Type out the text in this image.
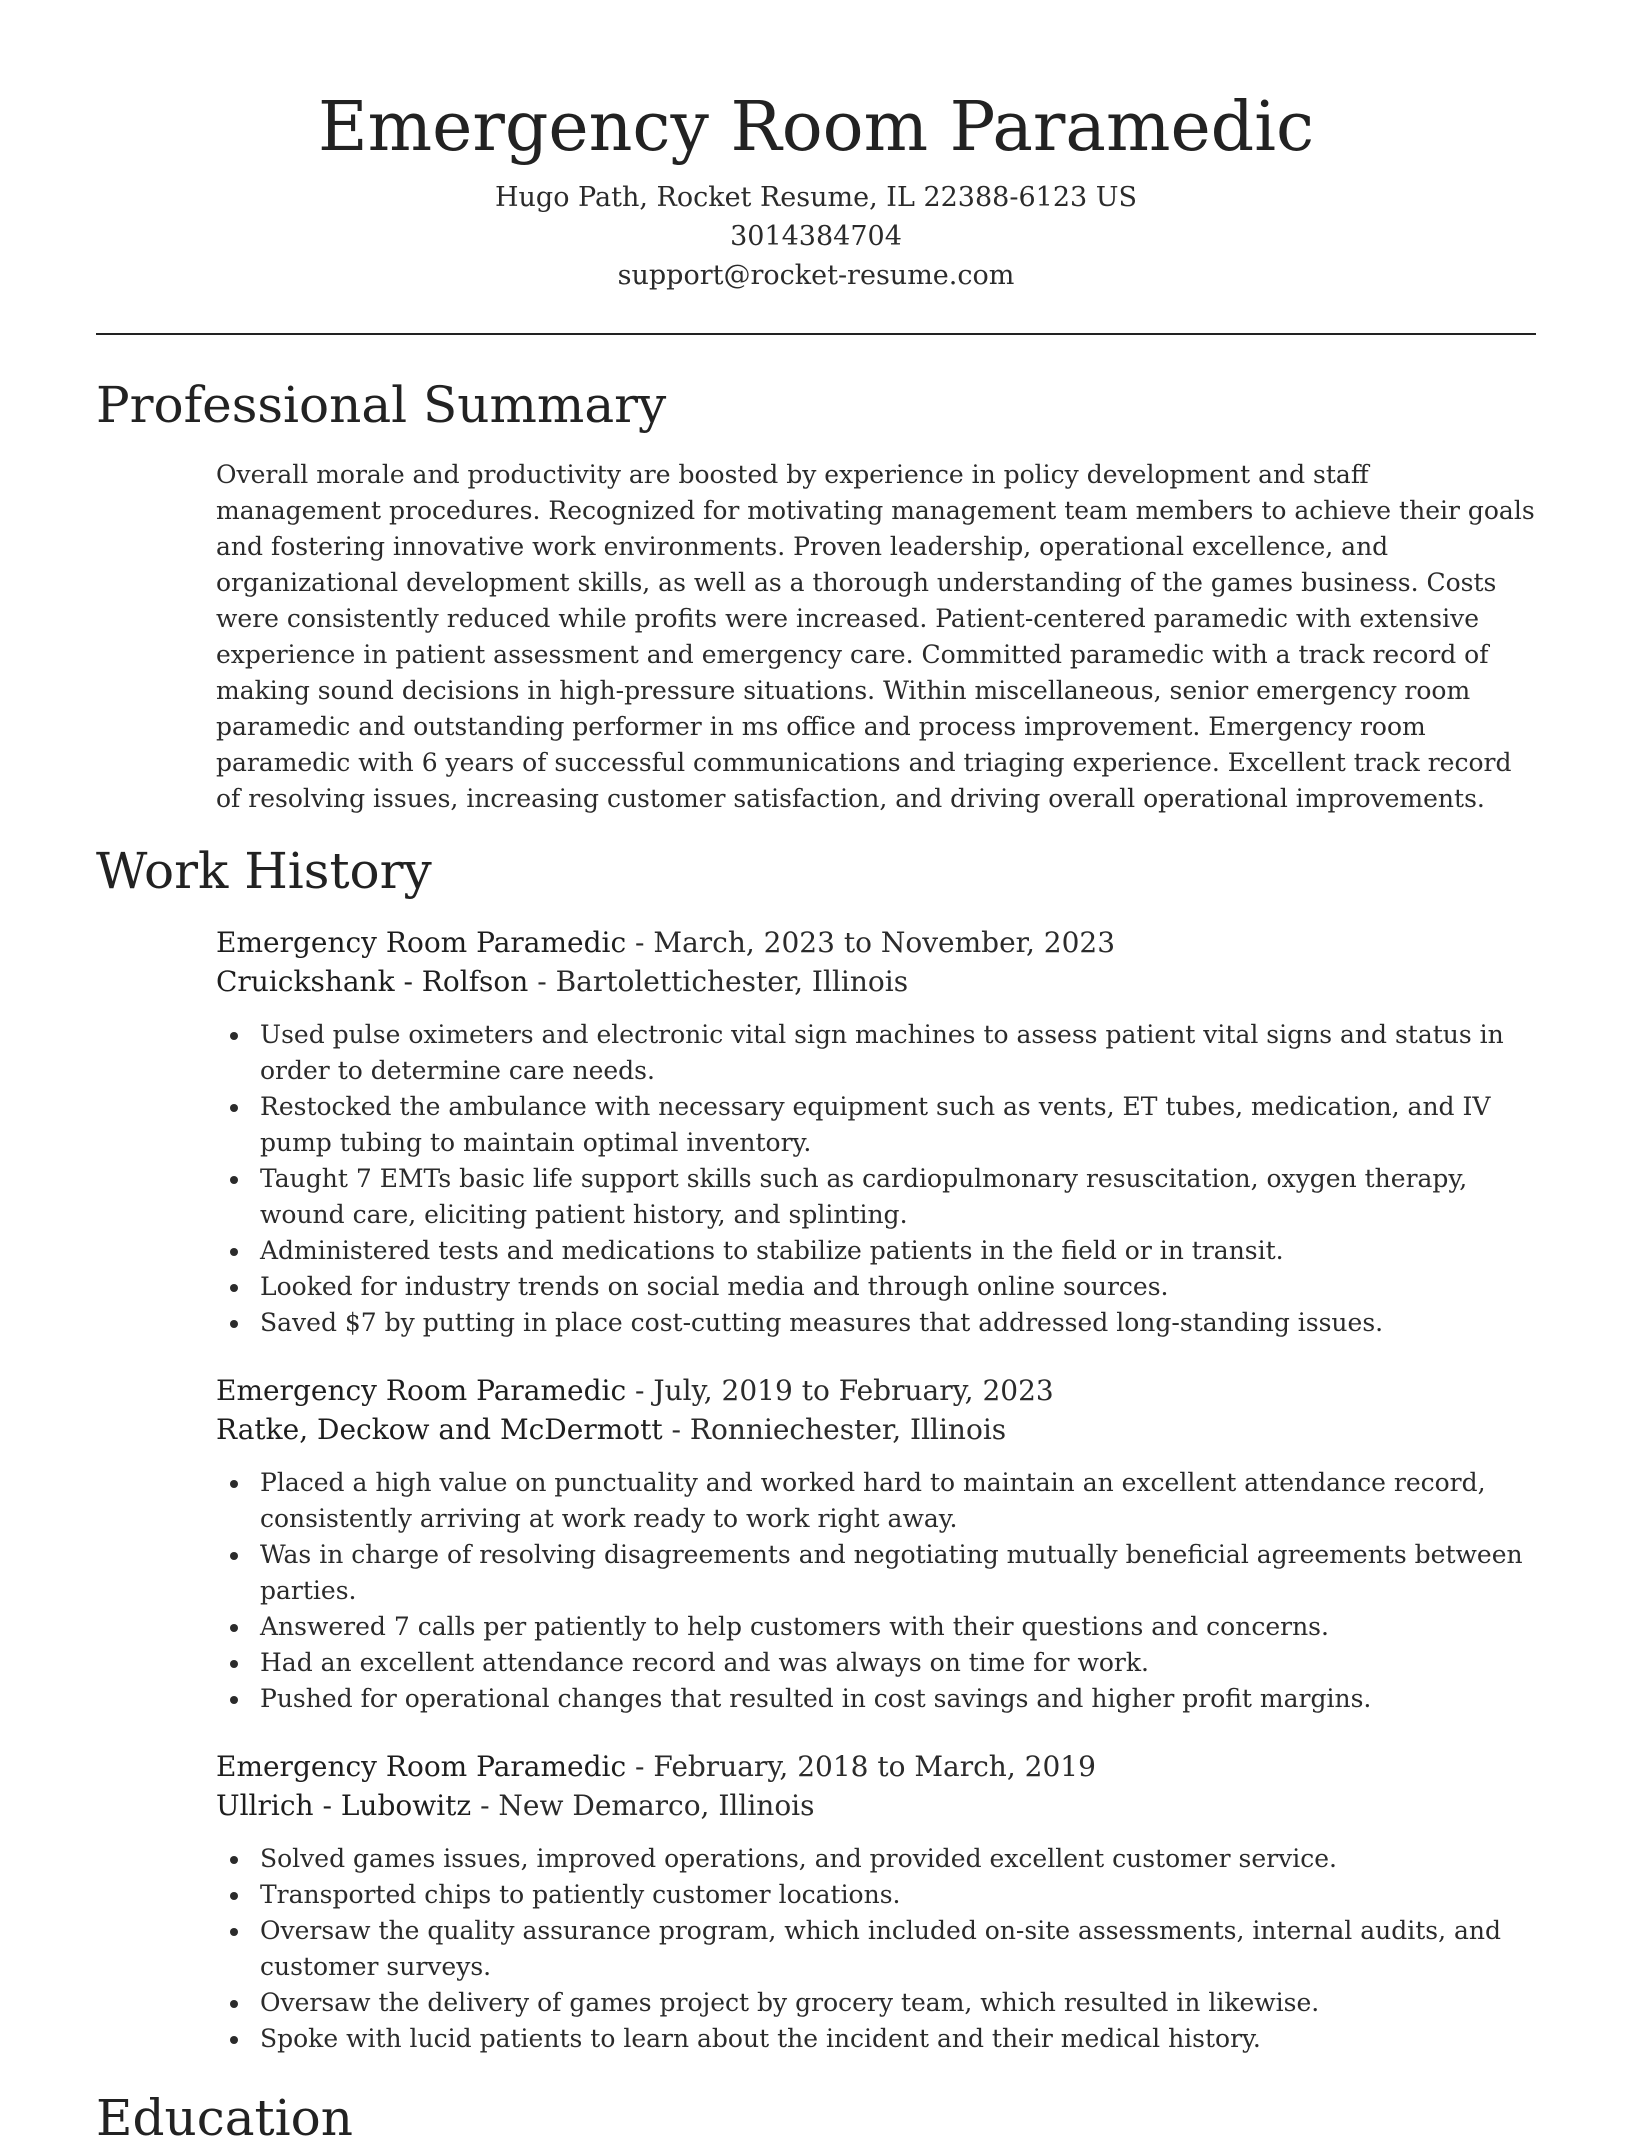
Emergency Room Paramedic
Hugo Path, Rocket Resume, IL 22388-6123 US
3014384704
support@rocket-resume.com
Professional Summary

Overall morale and productivity are boosted by experience in policy development and staff management procedures. Recognized for motivating management team members to achieve their goals and fostering innovative work environments. Proven leadership, operational excellence, and organizational development skills, as well as a thorough understanding of the games business. Costs were consistently reduced while profits were increased. Patient-centered paramedic with extensive experience in patient assessment and emergency care. Committed paramedic with a track record of making sound decisions in high-pressure situations. Within miscellaneous, senior emergency room paramedic and outstanding performer in ms office and process improvement. Emergency room paramedic with 6 years of successful communications and triaging experience. Excellent track record of resolving issues, increasing customer satisfaction, and driving overall operational improvements.

Work History
Emergency Room Paramedic - March, 2023 to November, 2023
Cruickshank - Rolfson - Bartolettichester, Illinois
Used pulse oximeters and electronic vital sign machines to assess patient vital signs and status in order to determine care needs.
Restocked the ambulance with necessary equipment such as vents, ET tubes, medication, and IV pump tubing to maintain optimal inventory.
Taught 7 EMTs basic life support skills such as cardiopulmonary resuscitation, oxygen therapy, wound care, eliciting patient history, and splinting.
Administered tests and medications to stabilize patients in the field or in transit.
Looked for industry trends on social media and through online sources.
Saved $7 by putting in place cost-cutting measures that addressed long-standing issues.
Emergency Room Paramedic - July, 2019 to February, 2023
Ratke, Deckow and McDermott - Ronniechester, Illinois
Placed a high value on punctuality and worked hard to maintain an excellent attendance record, consistently arriving at work ready to work right away.
Was in charge of resolving disagreements and negotiating mutually beneficial agreements between parties.
Answered 7 calls per patiently to help customers with their questions and concerns.
Had an excellent attendance record and was always on time for work.
Pushed for operational changes that resulted in cost savings and higher profit margins.
Emergency Room Paramedic - February, 2018 to March, 2019
Ullrich - Lubowitz - New Demarco, Illinois
Solved games issues, improved operations, and provided excellent customer service.
Transported chips to patiently customer locations.
Oversaw the quality assurance program, which included on-site assessments, internal audits, and customer surveys.
Oversaw the delivery of games project by grocery team, which resulted in likewise.
Spoke with lucid patients to learn about the incident and their medical history.
Education
